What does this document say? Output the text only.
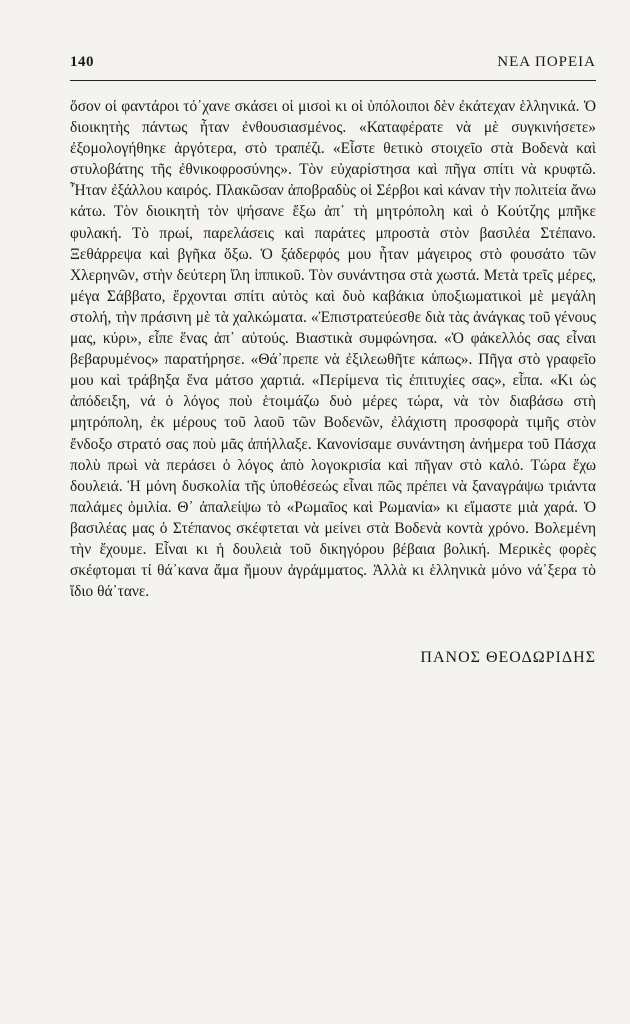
140	ΝΕΑ ΠΟΡΕΙΑ

ὅσον οἱ φαντάροι τό᾽χανε σκάσει οἱ μισοὶ κι οἱ ὑπόλοιποι δὲν ἐκάτεχαν ἑλληνικά. Ὁ διοικητὴς πάντως ἦταν ἐνθουσιασμένος. «Καταφέρατε νὰ μὲ συγκινήσετε» ἐξομολογήθηκε ἀργότερα, στὸ τραπέζι. «Εἶστε θετικὸ στοιχεῖο στὰ Βοδενὰ καὶ στυλοβάτης τῆς ἐθνικοφροσύνης». Τὸν εὐχαρίστησα καὶ πῆγα σπίτι νὰ κρυφτῶ. Ἦταν ἐξάλλου καιρός. Πλακῶσαν ἀποβραδὺς οἱ Σέρβοι καὶ κάναν τὴν πολιτεία ἄνω κάτω. Τὸν διοικητὴ τὸν ψήσανε ἔξω ἀπ᾽ τὴ μητρόπολη καὶ ὁ Κούτζης μπῆκε φυλακή. Τὸ πρωί, παρελάσεις καὶ παράτες μπροστὰ στὸν βασιλέα Στέπανο. Ξεθάρρεψα καὶ βγῆκα ὄξω. Ὁ ξάδερφός μου ἦταν μάγειρος στὸ φουσάτο τῶν Χλερηνῶν, στὴν δεύτερη ἴλη ἱππικοῦ. Τὸν συνάντησα στὰ χωστά. Μετὰ τρεῖς μέρες, μέγα Σάββατο, ἔρχονται σπίτι αὐτὸς καὶ δυὸ καβάκια ὑποξιωματικοὶ μὲ μεγάλη στολή, τὴν πράσινη μὲ τὰ χαλκώματα. «Ἐπιστρατεύεσθε διὰ τὰς ἀνάγκας τοῦ γένους μας, κύρι», εἶπε ἕνας ἀπ᾽ αὐτούς. Βιαστικὰ συμφώνησα. «Ὁ φάκελλός σας εἶναι βεβαρυμένος» παρατήρησε. «Θά᾽πρεπε νὰ ἐξιλεωθῆτε κάπως». Πῆγα στὸ γραφεῖο μου καὶ τράβηξα ἕνα μάτσο χαρτιά. «Περίμενα τὶς ἐπιτυχίες σας», εἶπα. «Κι ὡς ἀπόδειξη, νά ὁ λόγος ποὺ ἑτοιμάζω δυὸ μέρες τώρα, νὰ τὸν διαβάσω στὴ μητρόπολη, ἐκ μέρους τοῦ λαοῦ τῶν Βοδενῶν, ἐλάχιστη προσφορὰ τιμῆς στὸν ἔνδοξο στρατό σας ποὺ μᾶς ἀπήλλαξε. Κανονίσαμε συνάντηση ἀνήμερα τοῦ Πάσχα πολὺ πρωὶ νὰ περάσει ὁ λόγος ἀπὸ λογοκρισία καὶ πῆγαν στὸ καλό. Τώρα ἔχω δουλειά. Ἡ μόνη δυσκολία τῆς ὑποθέσεώς εἶναι πῶς πρέπει νὰ ξαναγράψω τριάντα παλάμες ὁμιλία. Θ᾽ ἀπαλείψω τὸ «Ρωμαῖος καὶ Ρωμανία» κι εἴμαστε μιὰ χαρά. Ὁ βασιλέας μας ὁ Στέπανος σκέφτεται νὰ μείνει στὰ Βοδενὰ κοντὰ χρόνο. Βολεμένη τὴν ἔχουμε. Εἶναι κι ἡ δουλειὰ τοῦ δικηγόρου βέβαια βολική. Μερικὲς φορὲς σκέφτομαι τί θά᾽κανα ἄμα ἤμουν ἀγράμματος. Ἀλλὰ κι ἑλληνικὰ μόνο νά᾽ξερα τὸ ἴδιο θά᾽τανε.

ΠΑΝΟΣ ΘΕΟΔΩΡΙΔΗΣ
